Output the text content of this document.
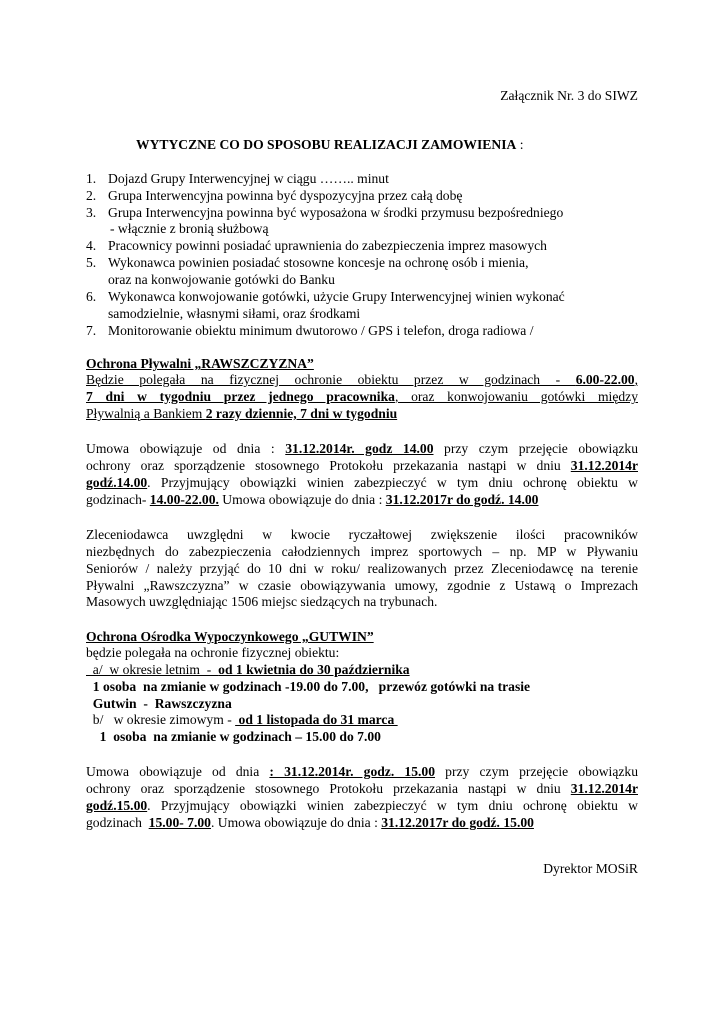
Załącznik Nr. 3 do SIWZ
WYTYCZNE CO DO SPOSOBU REALIZACJI ZAMOWIENIA :
1. Dojazd Grupy Interwencyjnej w ciągu …….. minut
2. Grupa Interwencyjna powinna być dyspozycyjna przez całą dobę
3. Grupa Interwencyjna powinna być wyposażona w środki przymusu bezpośredniego
- włącznie z bronią służbową
4. Pracownicy powinni posiadać uprawnienia do zabezpieczenia imprez masowych
5. Wykonawca powinien posiadać stosowne koncesje na ochronę osób i mienia,
oraz na konwojowanie gotówki do Banku
6. Wykonawca konwojowanie gotówki, użycie Grupy Interwencyjnej winien wykonać
samodzielnie, własnymi siłami, oraz środkami
7. Monitorowanie obiektu minimum dwutorowo / GPS i telefon, droga radiowa /
Ochrona Pływalni „RAWSZCZYZNA”
Będzie polegała na fizycznej ochronie obiektu przez w godzinach - 6.00-22.00,
7 dni w tygodniu przez jednego pracownika, oraz konwojowaniu gotówki między
Pływalnią a Bankiem 2 razy dziennie, 7 dni w tygodniu
Umowa obowiązuje od dnia : 31.12.2014r. godz 14.00 przy czym przejęcie obowiązku
ochrony oraz sporządzenie stosownego Protokołu przekazania nastąpi w dniu 31.12.2014r
godź.14.00. Przyjmujący obowiązki winien zabezpieczyć w tym dniu ochronę obiektu w
godzinach- 14.00-22.00. Umowa obowiązuje do dnia : 31.12.2017r do godź. 14.00
Zleceniodawca uwzględni w kwocie ryczałtowej zwiększenie ilości pracowników
niezbędnych do zabezpieczenia całodziennych imprez sportowych – np. MP w Pływaniu
Seniorów / należy przyjąć do 10 dni w roku/ realizowanych przez Zleceniodawcę na terenie
Pływalni „Rawszczyzna” w czasie obowiązywania umowy, zgodnie z Ustawą o Imprezach
Masowych uwzględniając 1506 miejsc siedzących na trybunach.
Ochrona Ośrodka Wypoczynkowego „GUTWIN”
będzie polegała na ochronie fizycznej obiektu:
a/  w okresie letnim  -  od 1 kwietnia do 30 października
1 osoba  na zmianie w godzinach -19.00 do 7.00,   przewóz gotówki na trasie
Gutwin  -  Rawszczyzna
b/   w okresie zimowym -  od 1 listopada do 31 marca
1  osoba  na zmianie w godzinach – 15.00 do 7.00
Umowa obowiązuje od dnia : 31.12.2014r. godz. 15.00 przy czym przejęcie obowiązku
ochrony oraz sporządzenie stosownego Protokołu przekazania nastąpi w dniu 31.12.2014r
godź.15.00. Przyjmujący obowiązki winien zabezpieczyć w tym dniu ochronę obiektu w
godzinach  15.00- 7.00. Umowa obowiązuje do dnia : 31.12.2017r do godź. 15.00
Dyrektor MOSiR
